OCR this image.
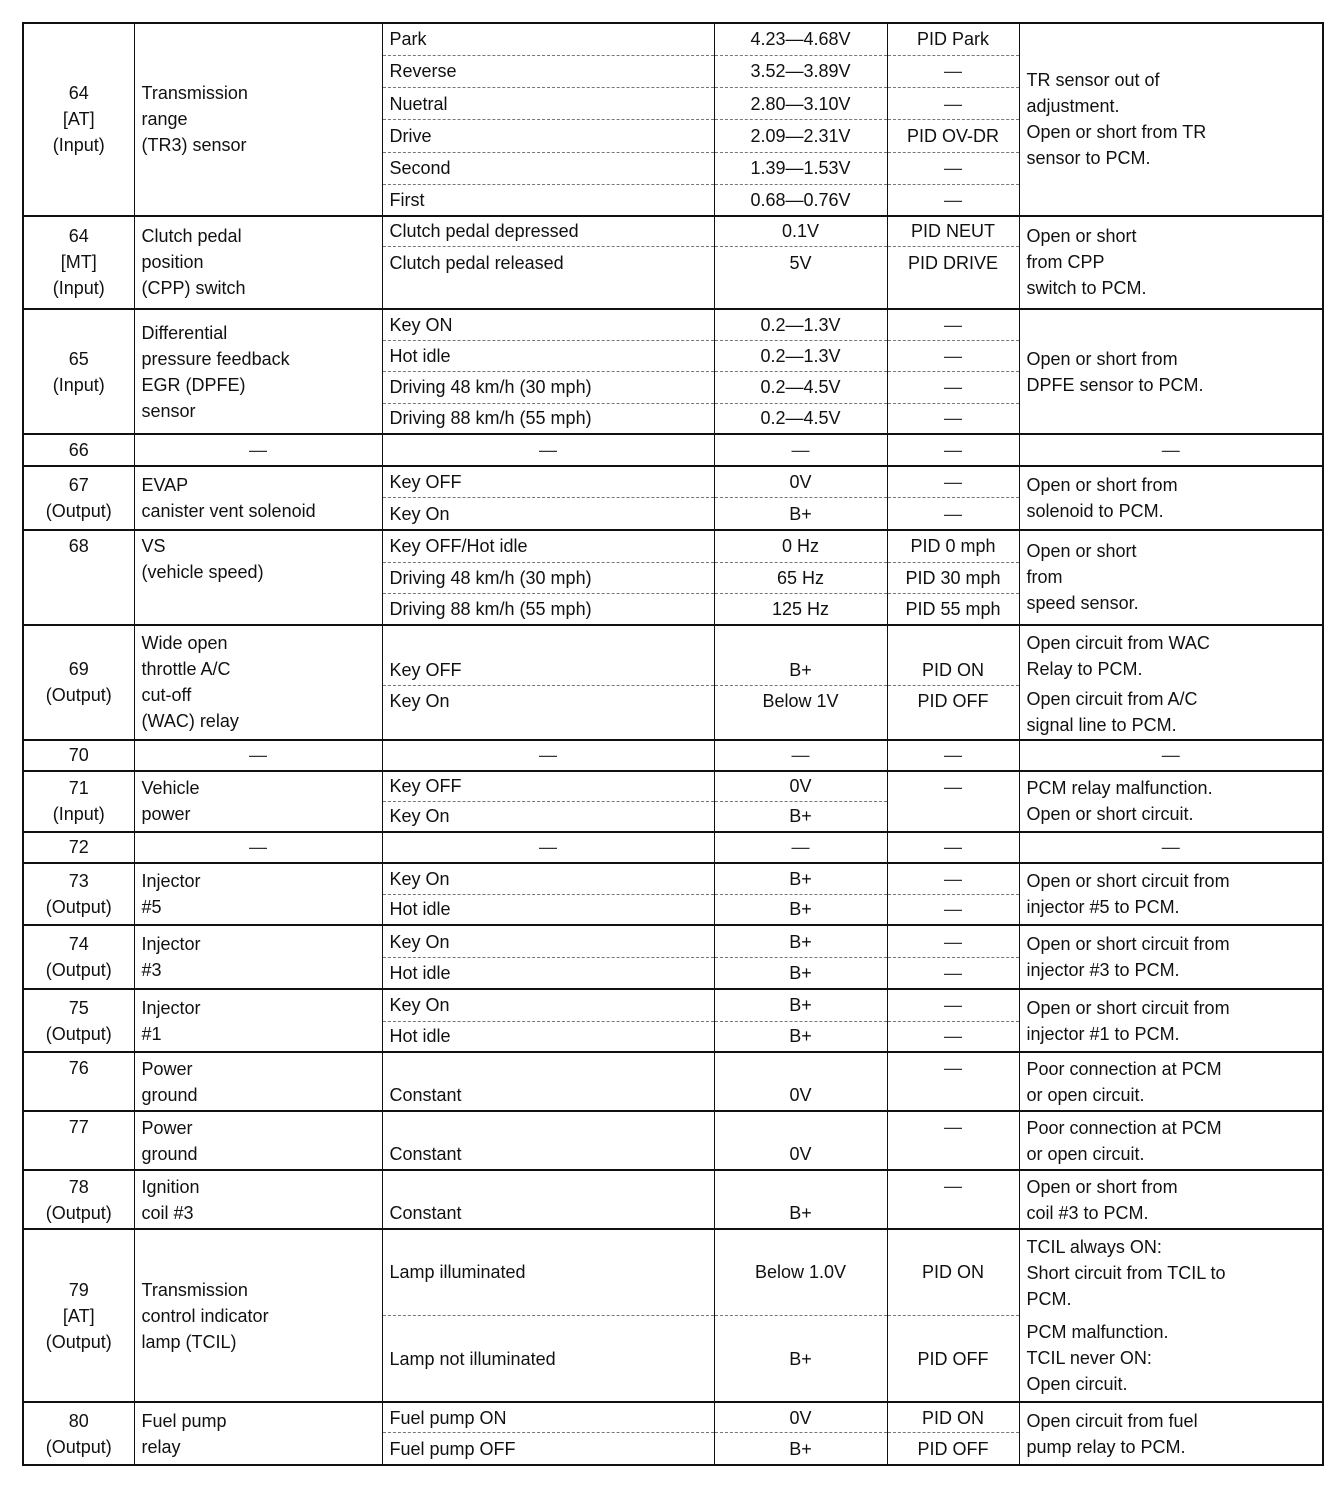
64
[AT]
(Input)	Transmission
range
(TR3) sensor	Park	4.23—4.68V	PID Park	TR sensor out of
adjustment.
Open or short from TR
sensor to PCM.

		Reverse	3.52—3.89V	—	
		Nuetral	2.80—3.10V	—	
		Drive	2.09—2.31V	PID OV-DR	
		Second	1.39—1.53V	—	
		First	0.68—0.76V	—	

64
[MT]
(Input)	Clutch pedal
position
(CPP) switch	Clutch pedal depressed	0.1V	PID NEUT	Open or short
from CPP
switch to PCM.

		Clutch pedal released	5V	PID DRIVE	

65
(Input)	Differential
pressure feedback
EGR (DPFE)
sensor	Key ON	0.2—1.3V	—	Open or short from
DPFE sensor to PCM.

		Hot idle	0.2—1.3V	—	
		Driving 48 km/h (30 mph)	0.2—4.5V	—	
		Driving 88 km/h (55 mph)	0.2—4.5V	—	
66	—	—	—	—	—

67
(Output)	EVAP
canister vent solenoid	Key OFF	0V	—	Open or short from
solenoid to PCM.

		Key On	B+	—	
68	VS
(vehicle speed)	Key OFF/Hot idle	0 Hz	PID 0 mph	Open or short
from
speed sensor.

		Driving 48 km/h (30 mph)	65 Hz	PID 30 mph	
		Driving 88 km/h (55 mph)	125 Hz	PID 55 mph	

69
(Output)	Wide open
throttle A/C
cut-off
(WAC) relay	Key OFF	B+	PID ON	Open circuit from WAC
Relay to PCM.

		Key On	Below 1V	PID OFF	Open circuit from A/C
signal line to PCM.

70	—	—	—	—	—

71
(Input)	Vehicle
power	Key OFF	0V	—	PCM relay malfunction.
Open or short circuit.

		Key On	B+		
72	—	—	—	—	—

73
(Output)	Injector
#5	Key On	B+	—	Open or short circuit from
injector #5 to PCM.

		Hot idle	B+	—	

74
(Output)	Injector
#3	Key On	B+	—	Open or short circuit from
injector #3 to PCM.

		Hot idle	B+	—	

75
(Output)	Injector
#1	Key On	B+	—	Open or short circuit from
injector #1 to PCM.

		Hot idle	B+	—	
76	Power
ground	Constant	0V	—	Poor connection at PCM
or open circuit.

77	Power
ground	Constant	0V	—	Poor connection at PCM
or open circuit.

78
(Output)	Ignition
coil #3	Constant	B+	—	Open or short from
coil #3 to PCM.

79
[AT]
(Output)	Transmission
control indicator
lamp (TCIL)	Lamp illuminated	Below 1.0V	PID ON	TCIL always ON:
Short circuit from TCIL to
PCM.

		Lamp not illuminated	B+	PID OFF	PCM malfunction.
TCIL never ON:
Open circuit.

80
(Output)	Fuel pump
relay	Fuel pump ON	0V	PID ON	Open circuit from fuel
pump relay to PCM.

		Fuel pump OFF	B+	PID OFF	
